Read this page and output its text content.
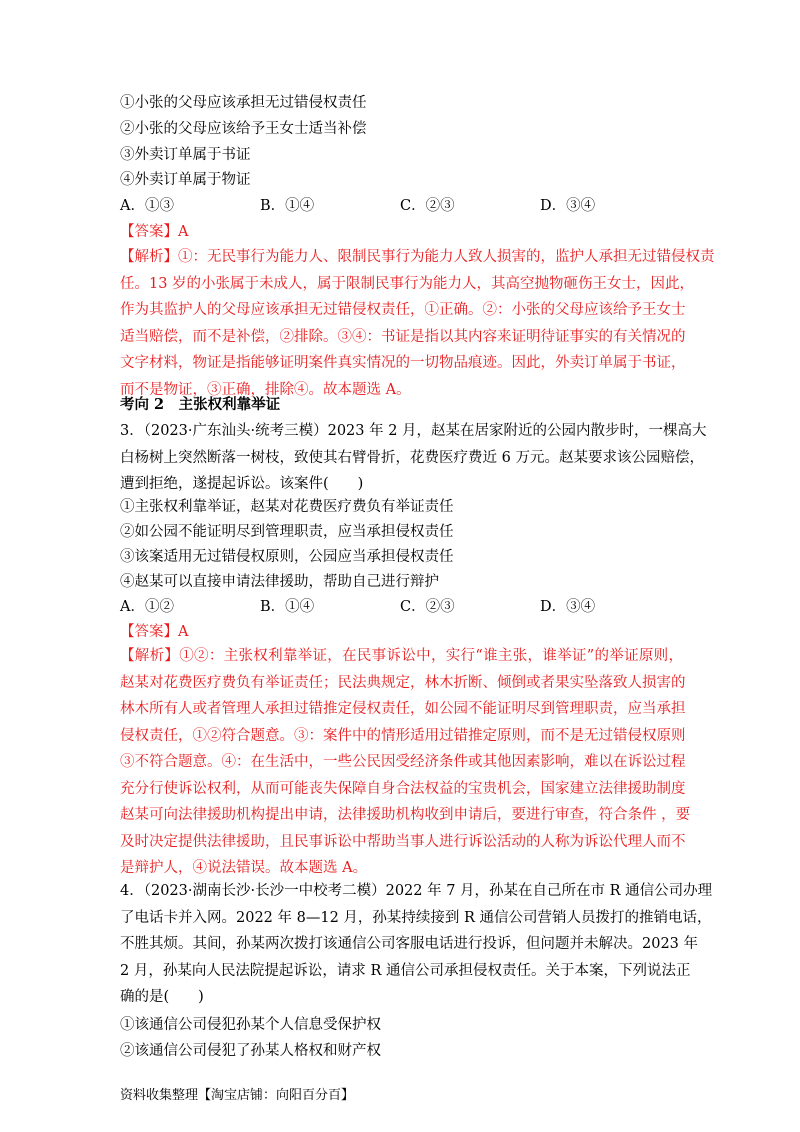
①小张的父母应该承担无过错侵权责任
②小张的父母应该给予王女士适当补偿
③外卖订单属于书证
④外卖订单属于物证
A．①③	B．①④	C．②③	D．③④
【答案】A
【解析】①：无民事行为能力人、限制民事行为能力人致人损害的，监护人承担无过错侵权责
任。13 岁的小张属于未成人，属于限制民事行为能力人，其高空抛物砸伤王女士，因此，
作为其监护人的父母应该承担无过错侵权责任，①正确。②：小张的父母应该给予王女士
适当赔偿，而不是补偿，②排除。③④：书证是指以其内容来证明待证事实的有关情况的
文字材料，物证是指能够证明案件真实情况的一切物品痕迹。因此，外卖订单属于书证，
而不是物证，③正确，排除④。故本题选 A。
考向 2　主张权利靠举证
3．（2023·广东汕头·统考三模）2023 年 2 月，赵某在居家附近的公园内散步时，一棵高大
白杨树上突然断落一树枝，致使其右臂骨折，花费医疗费近 6 万元。赵某要求该公园赔偿，
遭到拒绝，遂提起诉讼。该案件(　　)
①主张权利靠举证，赵某对花费医疗费负有举证责任
②如公园不能证明尽到管理职责，应当承担侵权责任
③该案适用无过错侵权原则，公园应当承担侵权责任
④赵某可以直接申请法律援助，帮助自己进行辩护
A．①②	B．①④	C．②③	D．③④
【答案】A
【解析】①②：主张权利靠举证，在民事诉讼中，实行“谁主张，谁举证”的举证原则，
赵某对花费医疗费负有举证责任；民法典规定，林木折断、倾倒或者果实坠落致人损害的
林木所有人或者管理人承担过错推定侵权责任，如公园不能证明尽到管理职责，应当承担
侵权责任，①②符合题意。③：案件中的情形适用过错推定原则，而不是无过错侵权原则
③不符合题意。④：在生活中，一些公民因受经济条件或其他因素影响，难以在诉讼过程
充分行使诉讼权利，从而可能丧失保障自身合法权益的宝贵机会，国家建立法律援助制度
赵某可向法律援助机构提出申请，法律援助机构收到申请后，要进行审查，符合条件 ，要
及时决定提供法律援助，且民事诉讼中帮助当事人进行诉讼活动的人称为诉讼代理人而不
是辩护人，④说法错误。故本题选 A。
4．（2023·湖南长沙·长沙一中校考二模）2022 年 7 月，孙某在自己所在市 R 通信公司办理
了电话卡并入网。2022 年 8—12 月，孙某持续接到 R 通信公司营销人员拨打的推销电话，
不胜其烦。其间，孙某两次拨打该通信公司客服电话进行投诉，但问题并未解决。2023 年
2 月，孙某向人民法院提起诉讼，请求 R 通信公司承担侵权责任。关于本案，下列说法正
确的是(　　)
①该通信公司侵犯孙某个人信息受保护权
②该通信公司侵犯了孙某人格权和财产权
资料收集整理【淘宝店铺：向阳百分百】
